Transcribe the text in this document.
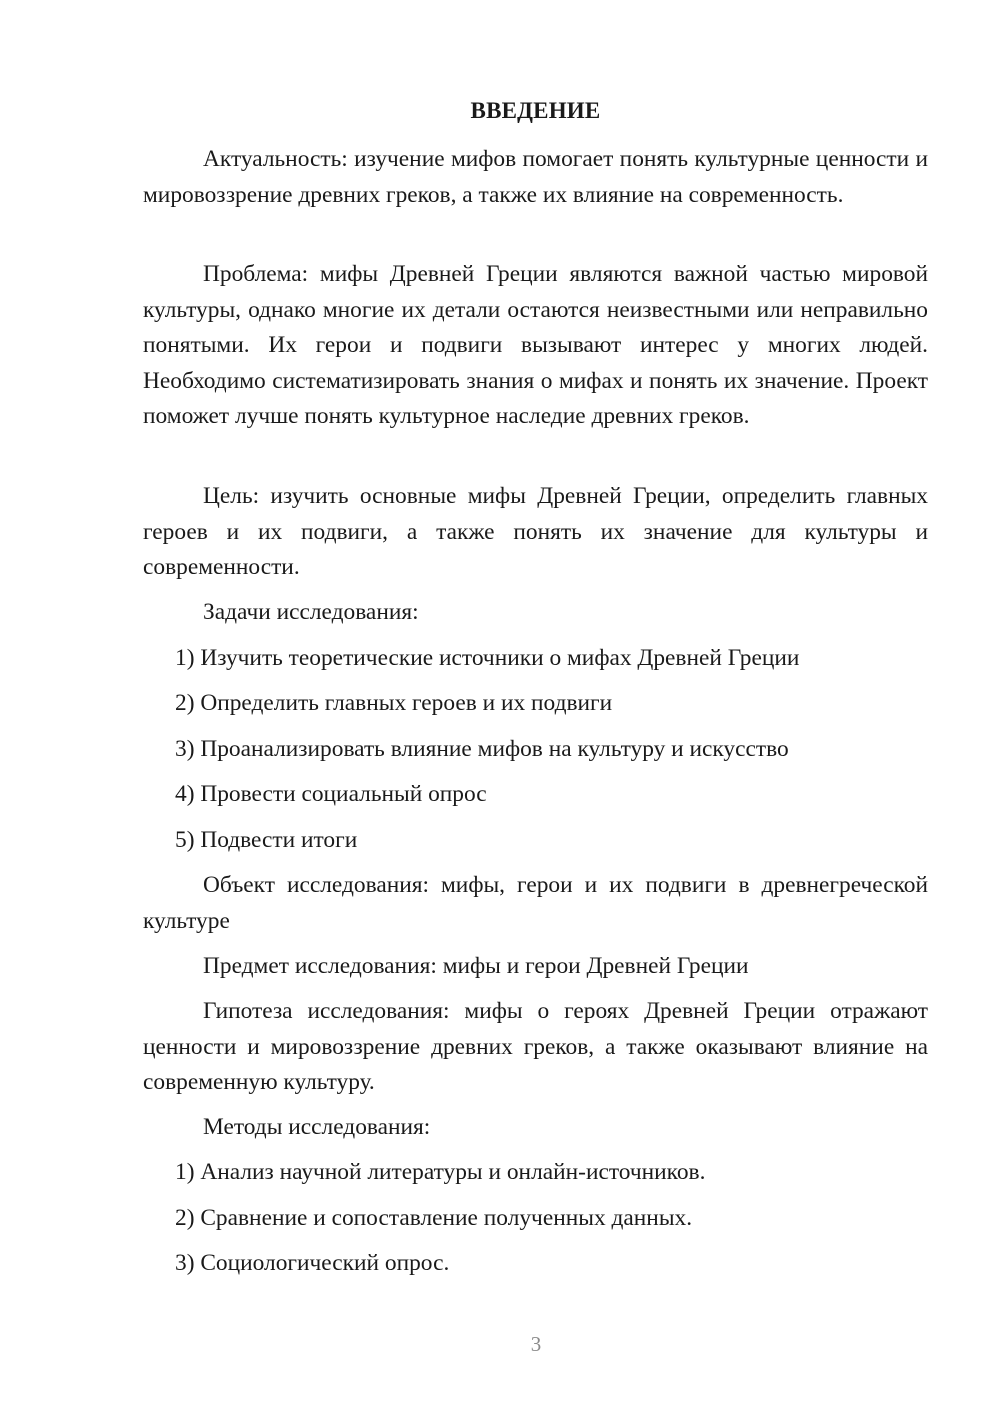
ВВЕДЕНИЕ

Актуальность: изучение мифов помогает понять культурные ценности и мировоззрение древних греков, а также их влияние на современность.

Проблема: мифы Древней Греции являются важной частью мировой культуры, однако многие их детали остаются неизвестными или неправильно понятыми. Их герои и подвиги вызывают интерес у многих людей. Необходимо систематизировать знания о мифах и понять их значение. Проект поможет лучше понять культурное наследие древних греков.

Цель: изучить основные мифы Древней Греции, определить главных героев и их подвиги, а также понять их значение для культуры и современности.

Задачи исследования:
1) Изучить теоретические источники о мифах Древней Греции
2) Определить главных героев и их подвиги
3) Проанализировать влияние мифов на культуру и искусство
4) Провести социальный опрос
5) Подвести итоги

Объект исследования: мифы, герои и их подвиги в древнегреческой культуре

Предмет исследования: мифы и герои Древней Греции

Гипотеза исследования: мифы о героях Древней Греции отражают ценности и мировоззрение древних греков, а также оказывают влияние на современную культуру.

Методы исследования:
1) Анализ научной литературы и онлайн-источников.
2) Сравнение и сопоставление полученных данных.
3) Социологический опрос.
3
